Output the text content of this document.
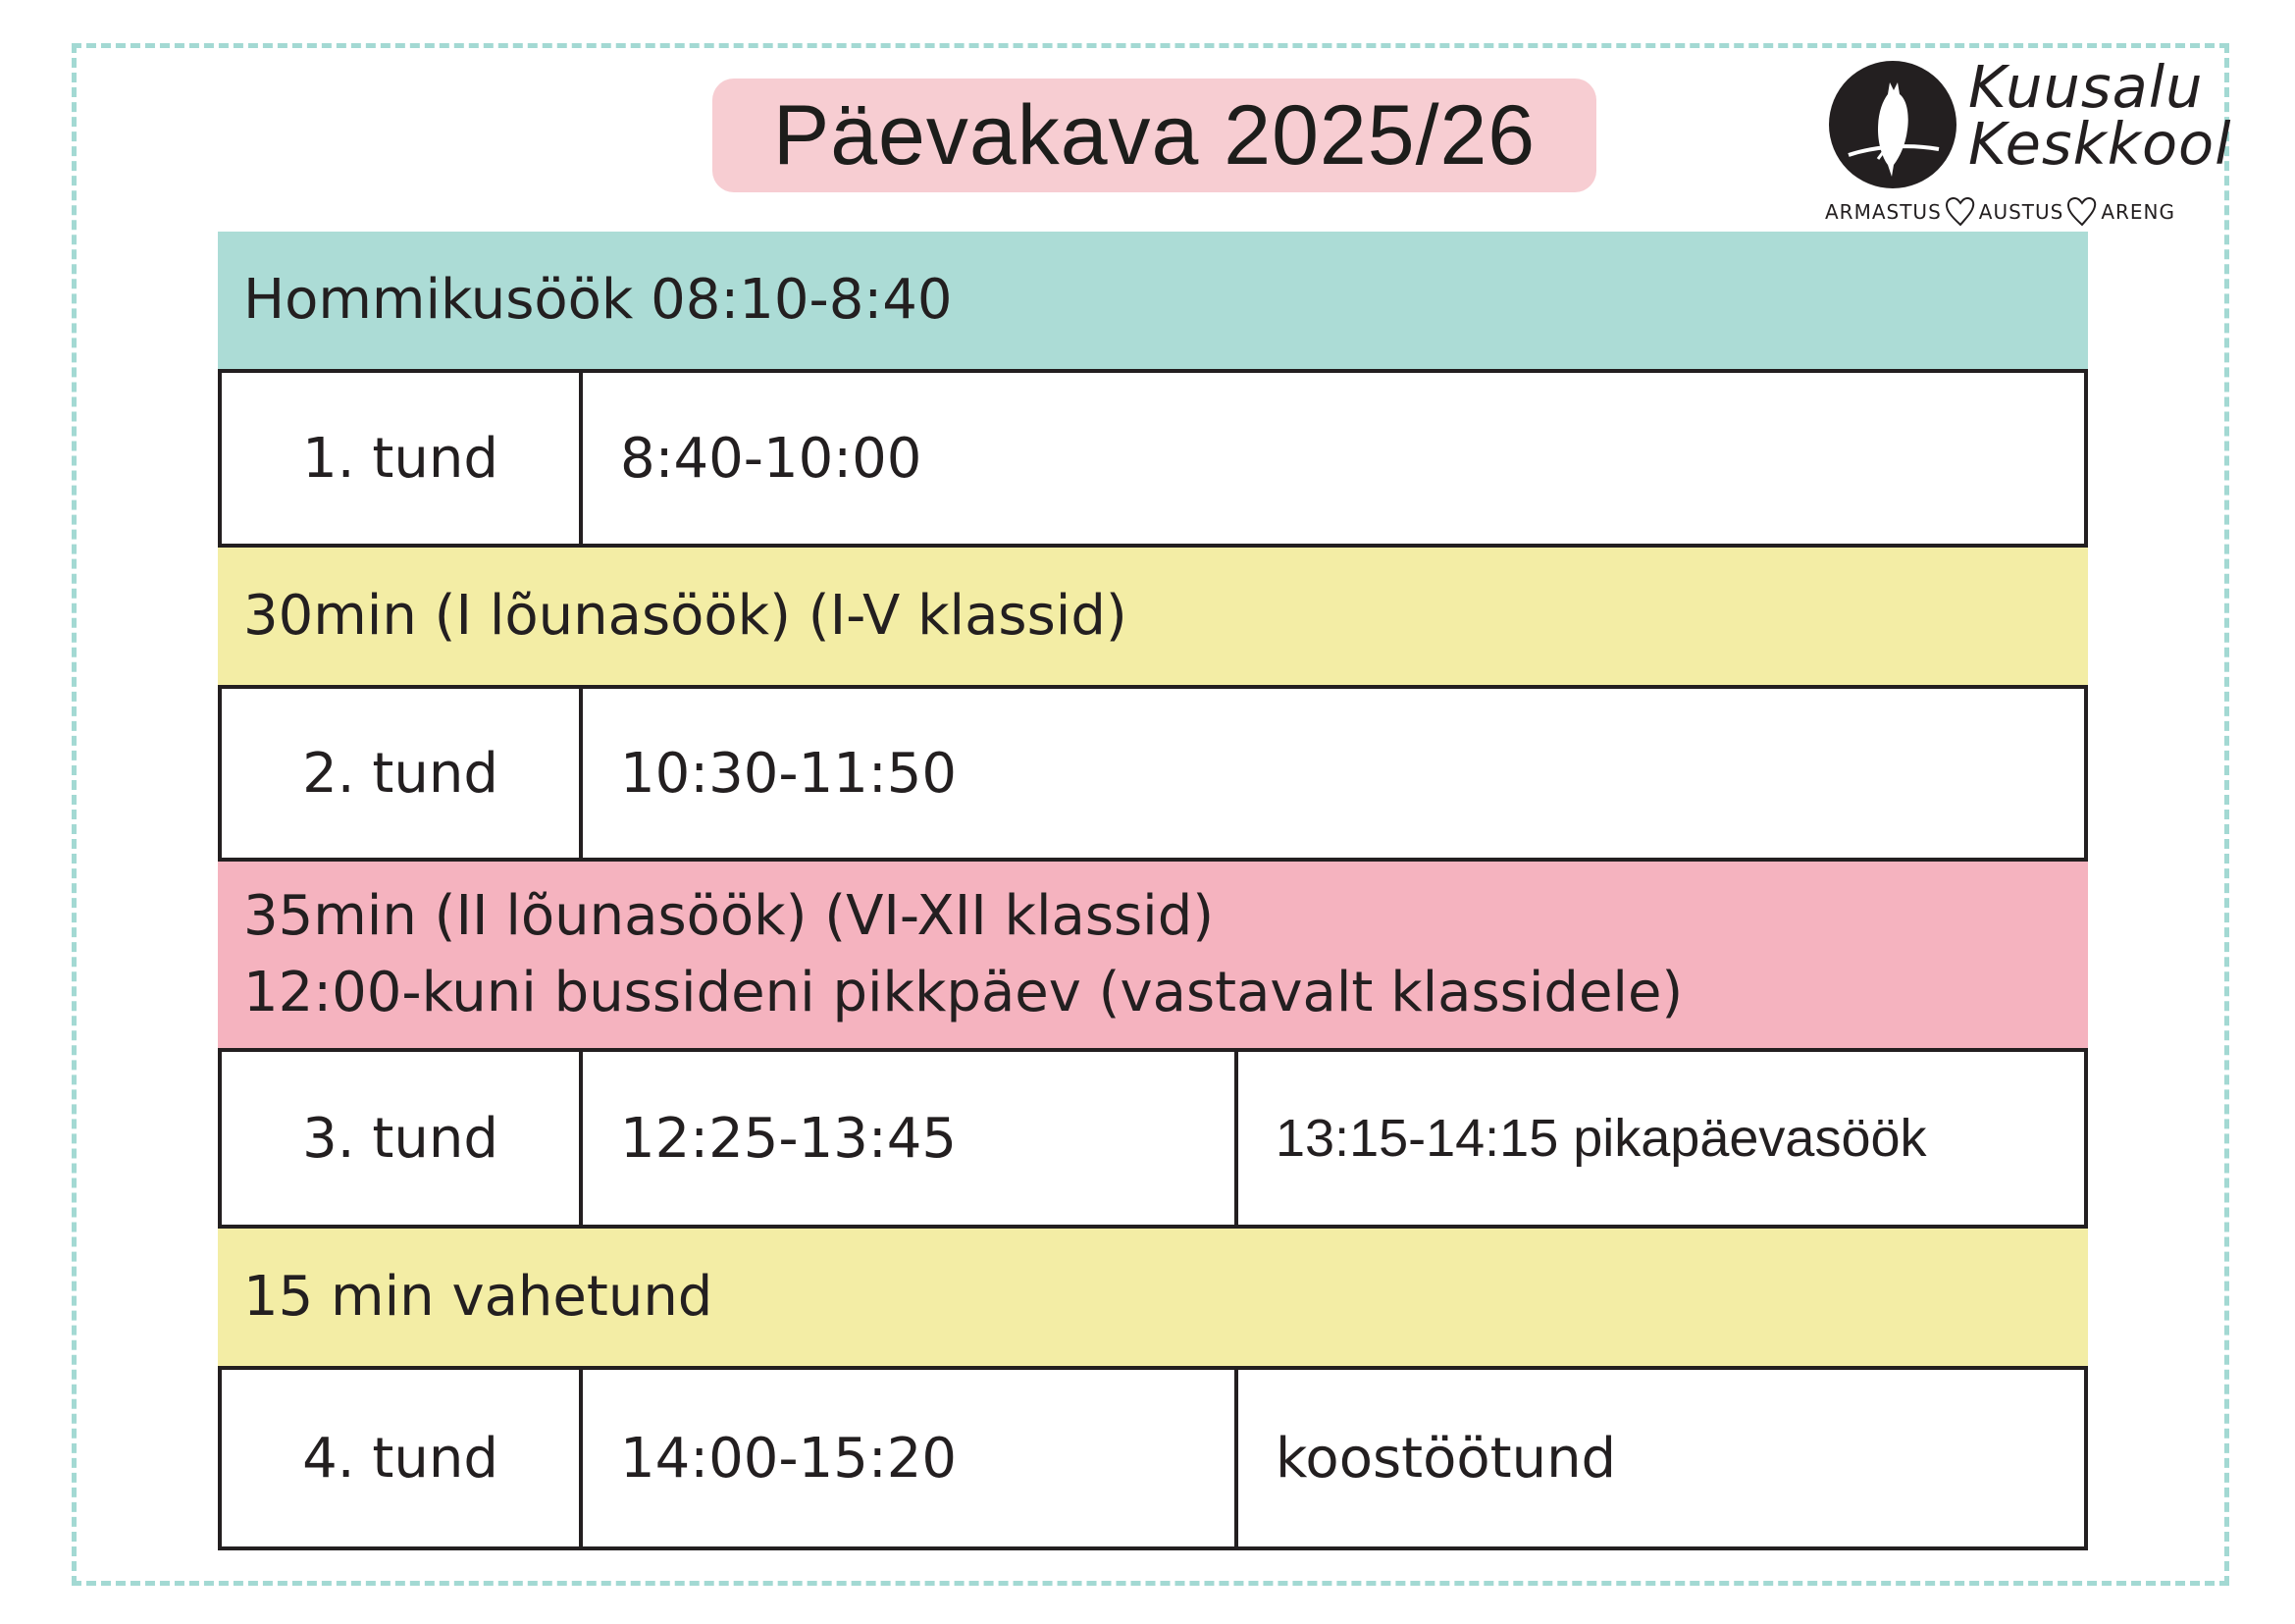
Päevakava 2025/26
Kuusalu
Keskkool
ARMASTUS AUSTUS ARENG
Hommikusöök 08:10-8:40
1. tund	8:40-10:00
30min (I lõunasöök) (I-V klassid)
2. tund	10:30-11:50
35min (II lõunasöök) (VI-XII klassid)
12:00-kuni bussideni pikkpäev (vastavalt klassidele)
3. tund	12:25-13:45	13:15-14:15 pikapäevasöök
15 min vahetund
4. tund	14:00-15:20	koostöötund
